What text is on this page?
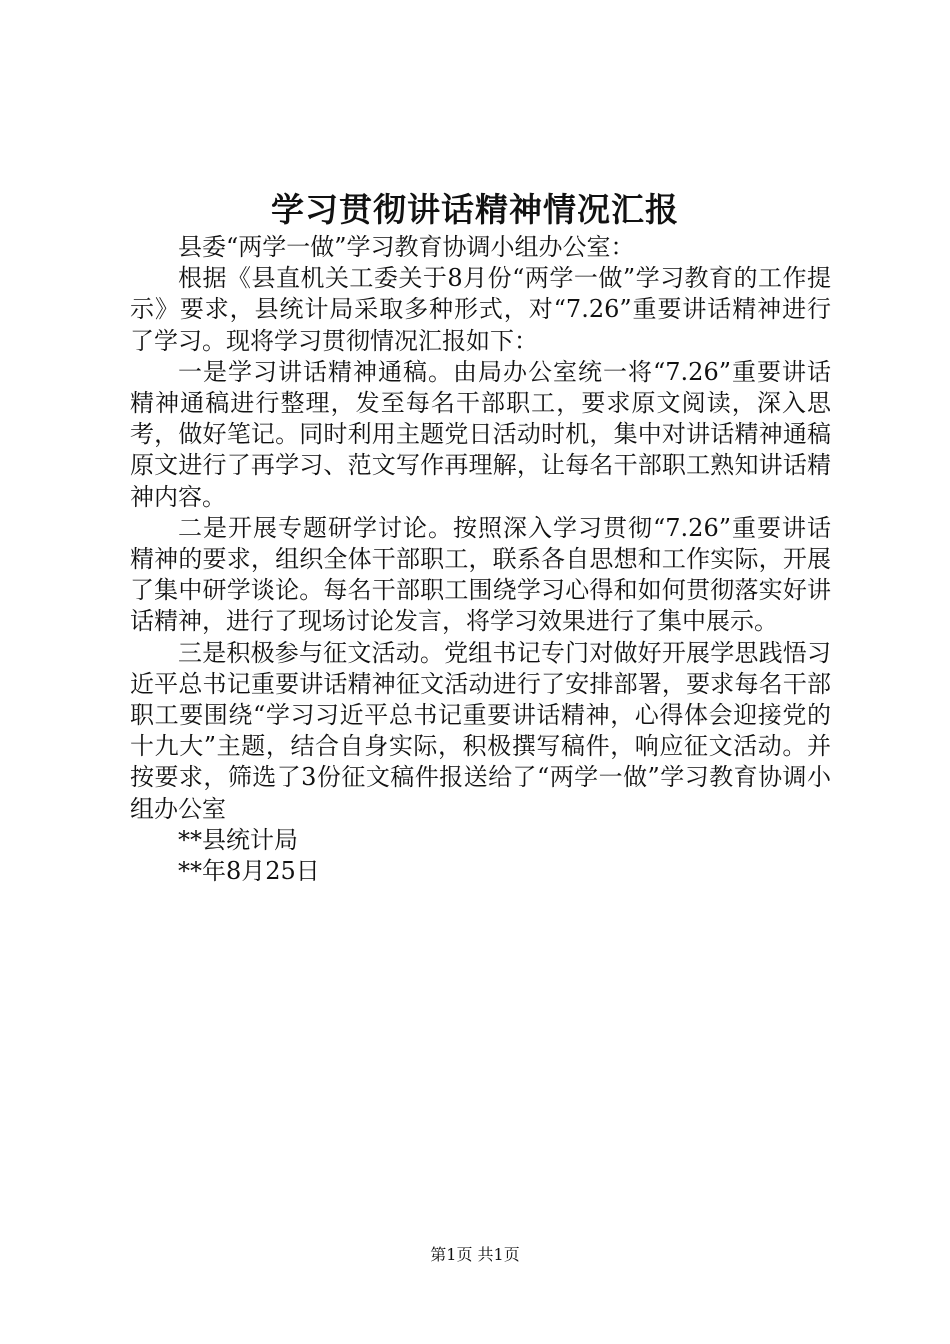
学习贯彻讲话精神情况汇报

县委“两学一做”学习教育协调小组办公室：

根据《县直机关工委关于8月份“两学一做”学习教育的工作提示》要求，县统计局采取多种形式，对“7.26”重要讲话精神进行了学习。现将学习贯彻情况汇报如下：

一是学习讲话精神通稿。由局办公室统一将“7.26”重要讲话精神通稿进行整理，发至每名干部职工，要求原文阅读，深入思考，做好笔记。同时利用主题党日活动时机，集中对讲话精神通稿原文进行了再学习、范文写作再理解，让每名干部职工熟知讲话精神内容。

二是开展专题研学讨论。按照深入学习贯彻“7.26”重要讲话精神的要求，组织全体干部职工，联系各自思想和工作实际，开展了集中研学谈论。每名干部职工围绕学习心得和如何贯彻落实好讲话精神，进行了现场讨论发言，将学习效果进行了集中展示。

三是积极参与征文活动。党组书记专门对做好开展学思践悟习近平总书记重要讲话精神征文活动进行了安排部署，要求每名干部职工要围绕“学习习近平总书记重要讲话精神，心得体会迎接党的十九大”主题，结合自身实际，积极撰写稿件，响应征文活动。并按要求，筛选了3份征文稿件报送给了“两学一做”学习教育协调小组办公室

**县统计局

**年8月25日

第1页 共1页
